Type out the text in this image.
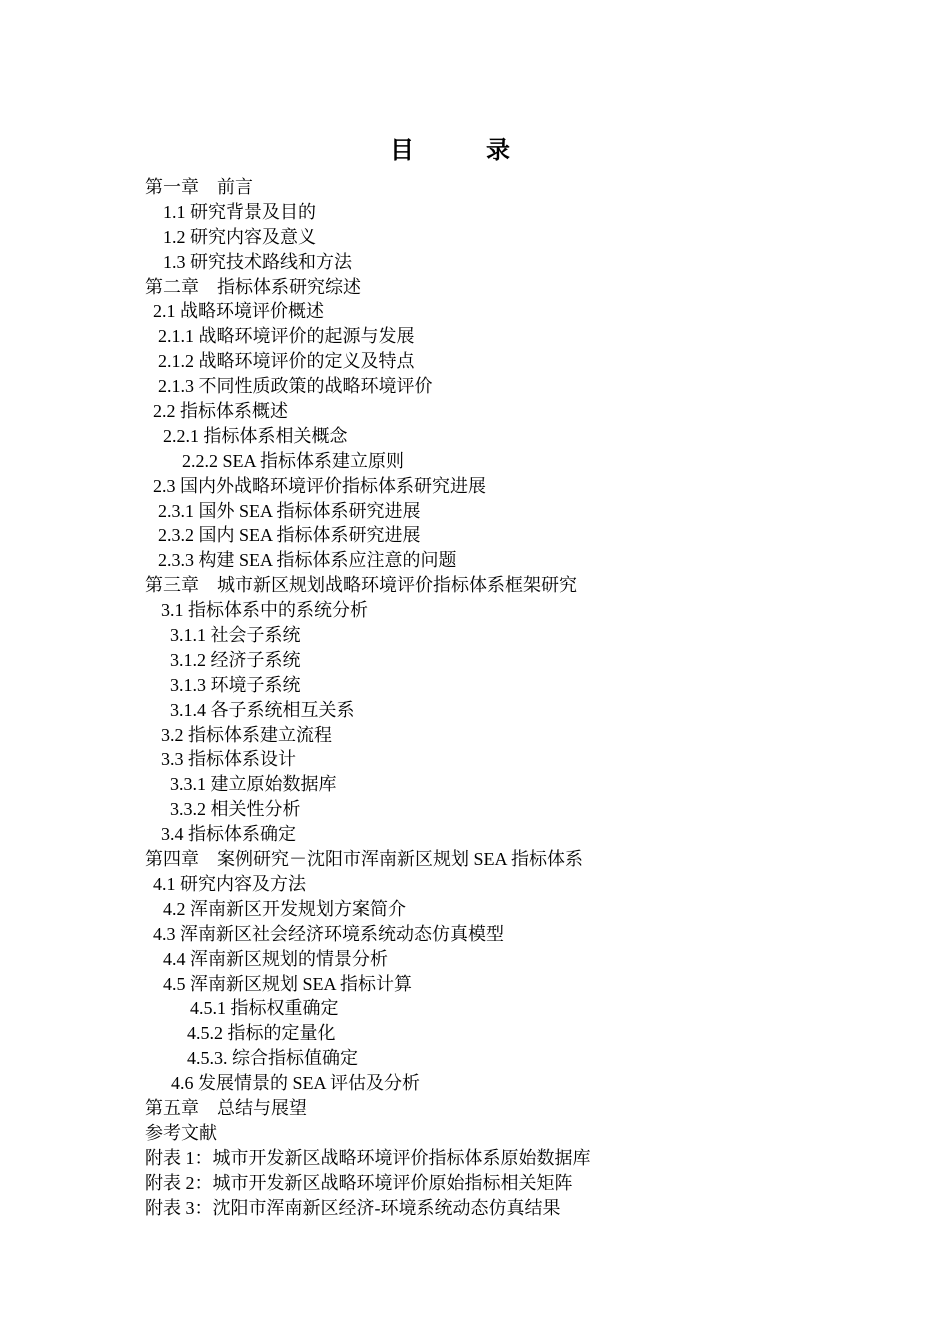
目录
第一章　前言
1.1 研究背景及目的
1.2 研究内容及意义
1.3 研究技术路线和方法
第二章　指标体系研究综述
2.1 战略环境评价概述
2.1.1 战略环境评价的起源与发展
2.1.2 战略环境评价的定义及特点
2.1.3 不同性质政策的战略环境评价
2.2 指标体系概述
2.2.1 指标体系相关概念
2.2.2 SEA 指标体系建立原则
2.3 国内外战略环境评价指标体系研究进展
2.3.1 国外 SEA 指标体系研究进展
2.3.2 国内 SEA 指标体系研究进展
2.3.3 构建 SEA 指标体系应注意的问题
第三章　城市新区规划战略环境评价指标体系框架研究
3.1 指标体系中的系统分析
3.1.1 社会子系统
3.1.2 经济子系统
3.1.3 环境子系统
3.1.4 各子系统相互关系
3.2 指标体系建立流程
3.3 指标体系设计
3.3.1 建立原始数据库
3.3.2 相关性分析
3.4 指标体系确定
第四章　案例研究－沈阳市浑南新区规划 SEA 指标体系
4.1 研究内容及方法
4.2 浑南新区开发规划方案简介
4.3 浑南新区社会经济环境系统动态仿真模型
4.4 浑南新区规划的情景分析
4.5 浑南新区规划 SEA 指标计算
4.5.1 指标权重确定
4.5.2 指标的定量化
4.5.3. 综合指标值确定
4.6 发展情景的 SEA 评估及分析
第五章　总结与展望
参考文献
附表 1：城市开发新区战略环境评价指标体系原始数据库
附表 2：城市开发新区战略环境评价原始指标相关矩阵
附表 3：沈阳市浑南新区经济-环境系统动态仿真结果
